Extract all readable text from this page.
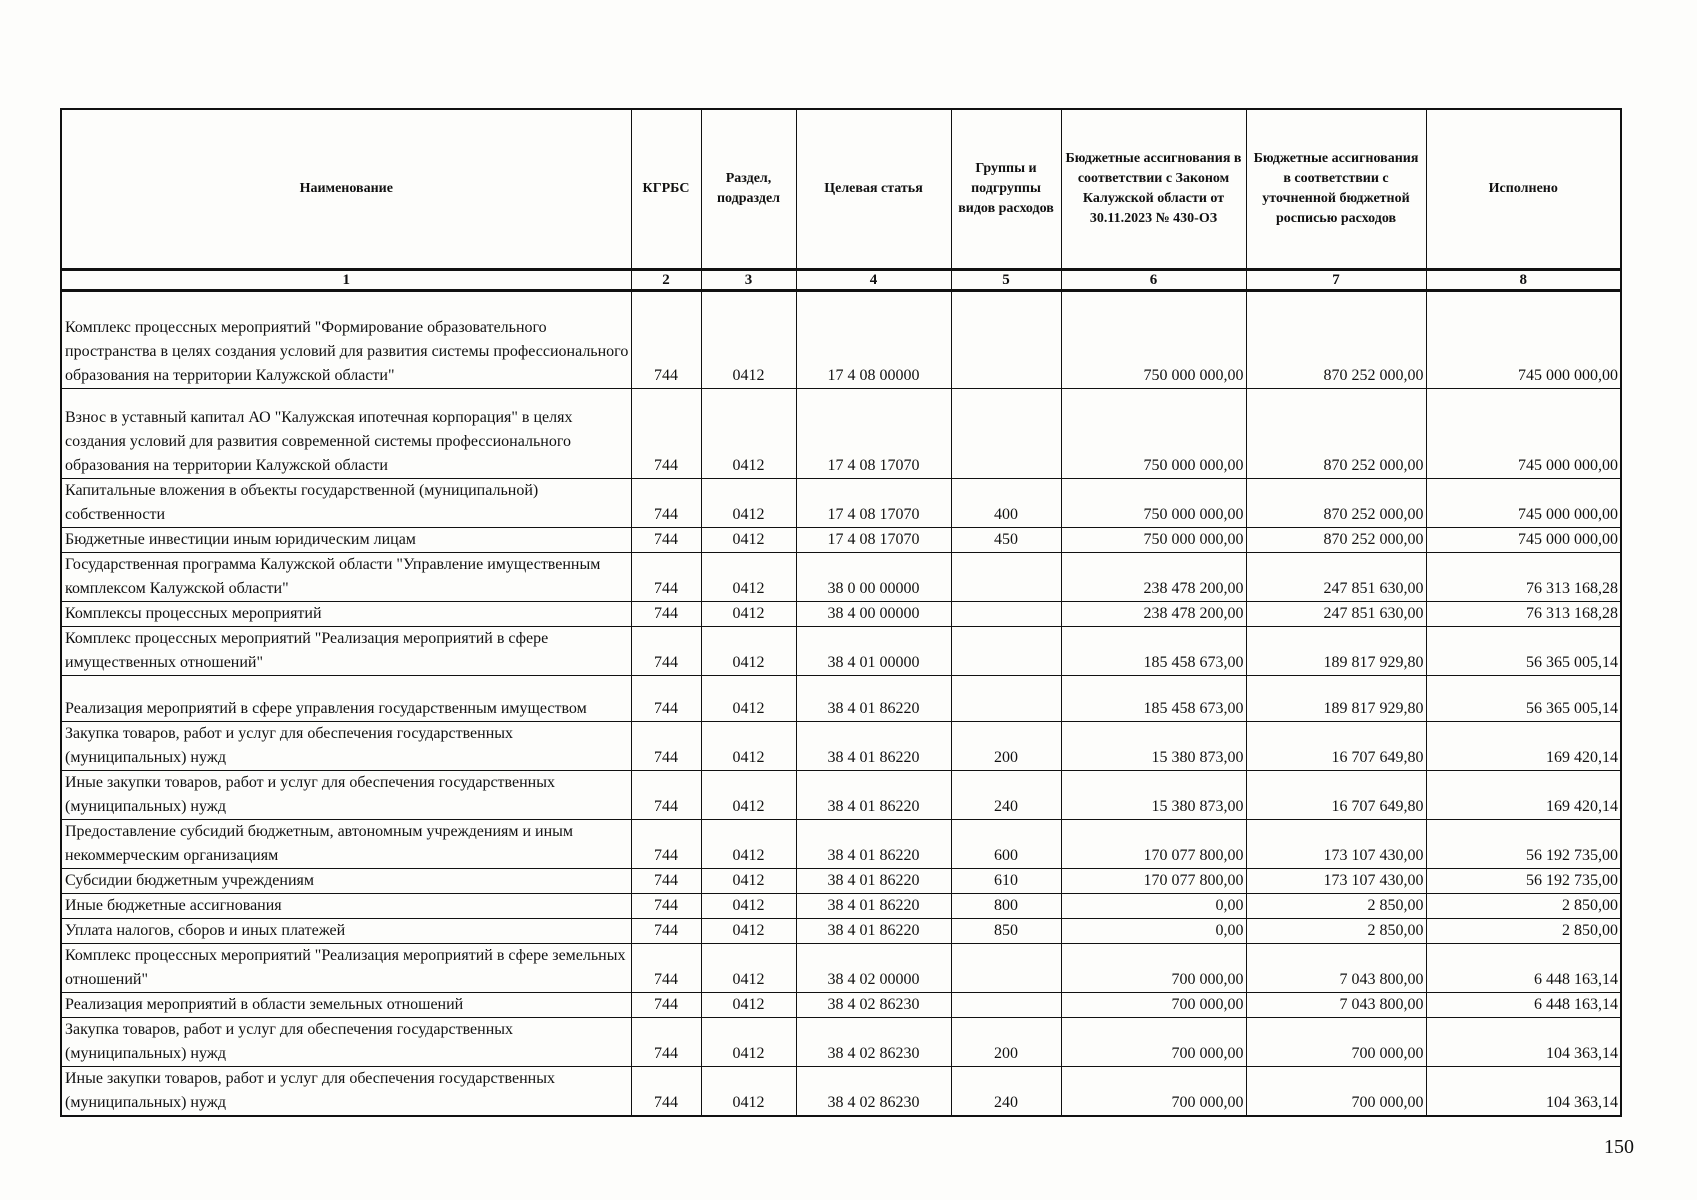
Наименование	КГРБС	Раздел, подраздел	Целевая статья	Группы и подгруппы видов расходов	Бюджетные ассигнования в соответствии с Законом Калужской области от 30.11.2023 № 430-ОЗ	Бюджетные ассигнования в соответствии с уточненной бюджетной росписью расходов	Исполнено
1	2	3	4	5	6	7	8
Комплекс процессных мероприятий "Формирование образовательного пространства в целях создания условий для развития системы профессионального образования на территории Калужской области"	744	0412	17 4 08 00000		750 000 000,00	870 252 000,00	745 000 000,00
Взнос в уставный капитал АО "Калужская ипотечная корпорация" в целях создания условий для развития современной системы профессионального образования на территории Калужской области	744	0412	17 4 08 17070		750 000 000,00	870 252 000,00	745 000 000,00
Капитальные вложения в объекты государственной (муниципальной) собственности	744	0412	17 4 08 17070	400	750 000 000,00	870 252 000,00	745 000 000,00
Бюджетные инвестиции иным юридическим лицам	744	0412	17 4 08 17070	450	750 000 000,00	870 252 000,00	745 000 000,00
Государственная программа Калужской области "Управление имущественным комплексом Калужской области"	744	0412	38 0 00 00000		238 478 200,00	247 851 630,00	76 313 168,28
Комплексы процессных мероприятий	744	0412	38 4 00 00000		238 478 200,00	247 851 630,00	76 313 168,28
Комплекс процессных мероприятий "Реализация мероприятий в сфере имущественных отношений"	744	0412	38 4 01 00000		185 458 673,00	189 817 929,80	56 365 005,14
Реализация мероприятий в сфере управления государственным имуществом	744	0412	38 4 01 86220		185 458 673,00	189 817 929,80	56 365 005,14
Закупка товаров, работ и услуг для обеспечения государственных (муниципальных) нужд	744	0412	38 4 01 86220	200	15 380 873,00	16 707 649,80	169 420,14
Иные закупки товаров, работ и услуг для обеспечения государственных (муниципальных) нужд	744	0412	38 4 01 86220	240	15 380 873,00	16 707 649,80	169 420,14
Предоставление субсидий бюджетным, автономным учреждениям и иным некоммерческим организациям	744	0412	38 4 01 86220	600	170 077 800,00	173 107 430,00	56 192 735,00
Субсидии бюджетным учреждениям	744	0412	38 4 01 86220	610	170 077 800,00	173 107 430,00	56 192 735,00
Иные бюджетные ассигнования	744	0412	38 4 01 86220	800	0,00	2 850,00	2 850,00
Уплата налогов, сборов и иных платежей	744	0412	38 4 01 86220	850	0,00	2 850,00	2 850,00
Комплекс процессных мероприятий "Реализация мероприятий в сфере земельных отношений"	744	0412	38 4 02 00000		700 000,00	7 043 800,00	6 448 163,14
Реализация мероприятий в области земельных отношений	744	0412	38 4 02 86230		700 000,00	7 043 800,00	6 448 163,14
Закупка товаров, работ и услуг для обеспечения государственных (муниципальных) нужд	744	0412	38 4 02 86230	200	700 000,00	700 000,00	104 363,14
Иные закупки товаров, работ и услуг для обеспечения государственных (муниципальных) нужд	744	0412	38 4 02 86230	240	700 000,00	700 000,00	104 363,14
150
